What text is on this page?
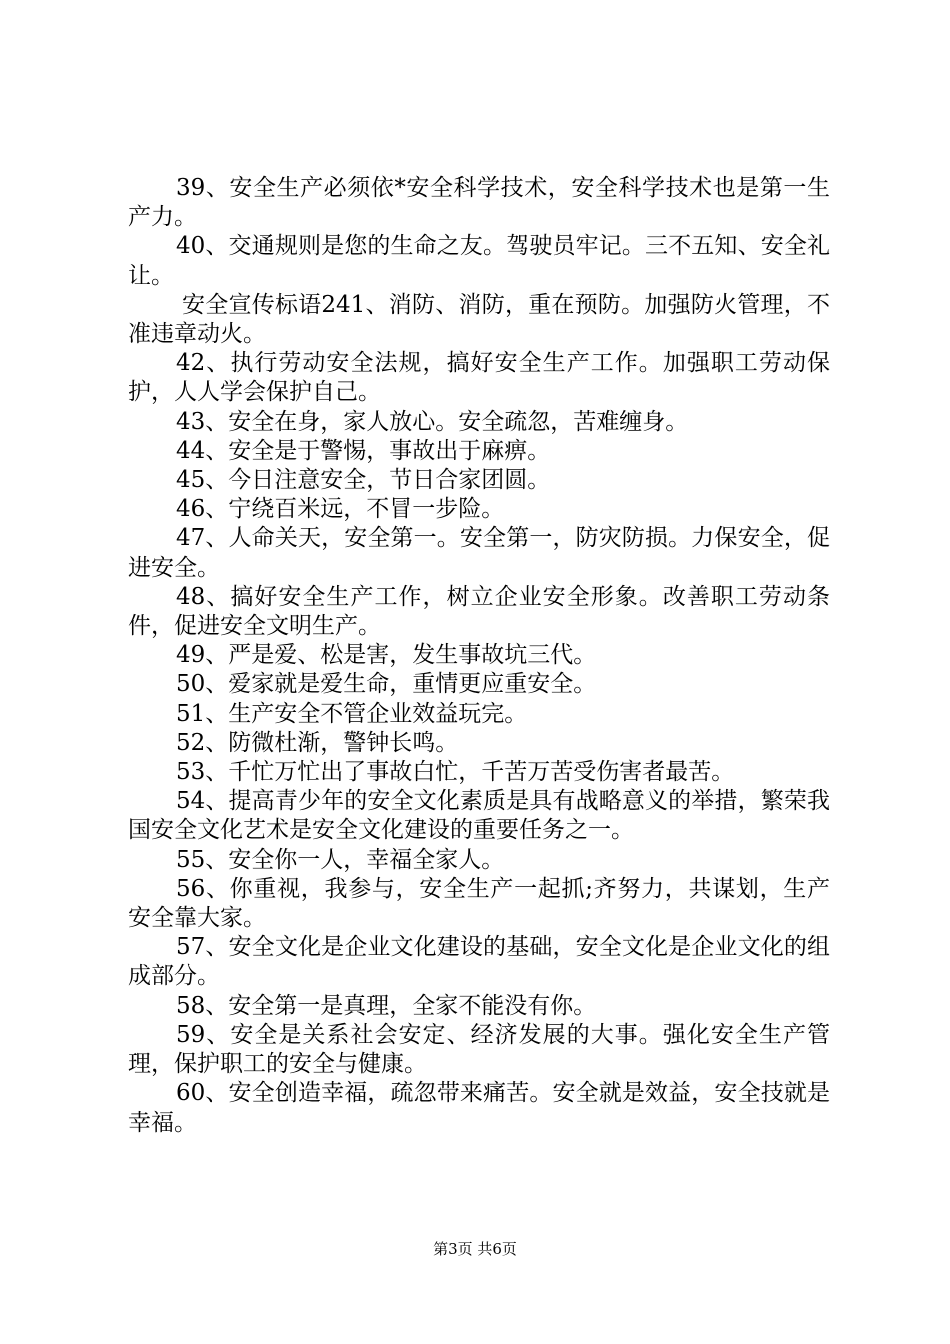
39、安全生产必须依*安全科学技术，安全科学技术也是第一生产力。

40、交通规则是您的生命之友。驾驶员牢记。三不五知、安全礼让。

安全宣传标语241、消防、消防，重在预防。加强防火管理，不准违章动火。

42、执行劳动安全法规，搞好安全生产工作。加强职工劳动保护，人人学会保护自己。

43、安全在身，家人放心。安全疏忽，苦难缠身。

44、安全是于警惕，事故出于麻痹。

45、今日注意安全，节日合家团圆。

46、宁绕百米远，不冒一步险。

47、人命关天，安全第一。安全第一，防灾防损。力保安全，促进安全。

48、搞好安全生产工作，树立企业安全形象。改善职工劳动条件，促进安全文明生产。

49、严是爱、松是害，发生事故坑三代。

50、爱家就是爱生命，重情更应重安全。

51、生产安全不管企业效益玩完。

52、防微杜渐，警钟长鸣。

53、千忙万忙出了事故白忙，千苦万苦受伤害者最苦。

54、提高青少年的安全文化素质是具有战略意义的举措，繁荣我国安全文化艺术是安全文化建设的重要任务之一。

55、安全你一人，幸福全家人。

56、你重视，我参与，安全生产一起抓;齐努力，共谋划，生产安全靠大家。

57、安全文化是企业文化建设的基础，安全文化是企业文化的组成部分。

58、安全第一是真理，全家不能没有你。

59、安全是关系社会安定、经济发展的大事。强化安全生产管理，保护职工的安全与健康。

60、安全创造幸福，疏忽带来痛苦。安全就是效益，安全技就是幸福。

第3页 共6页
